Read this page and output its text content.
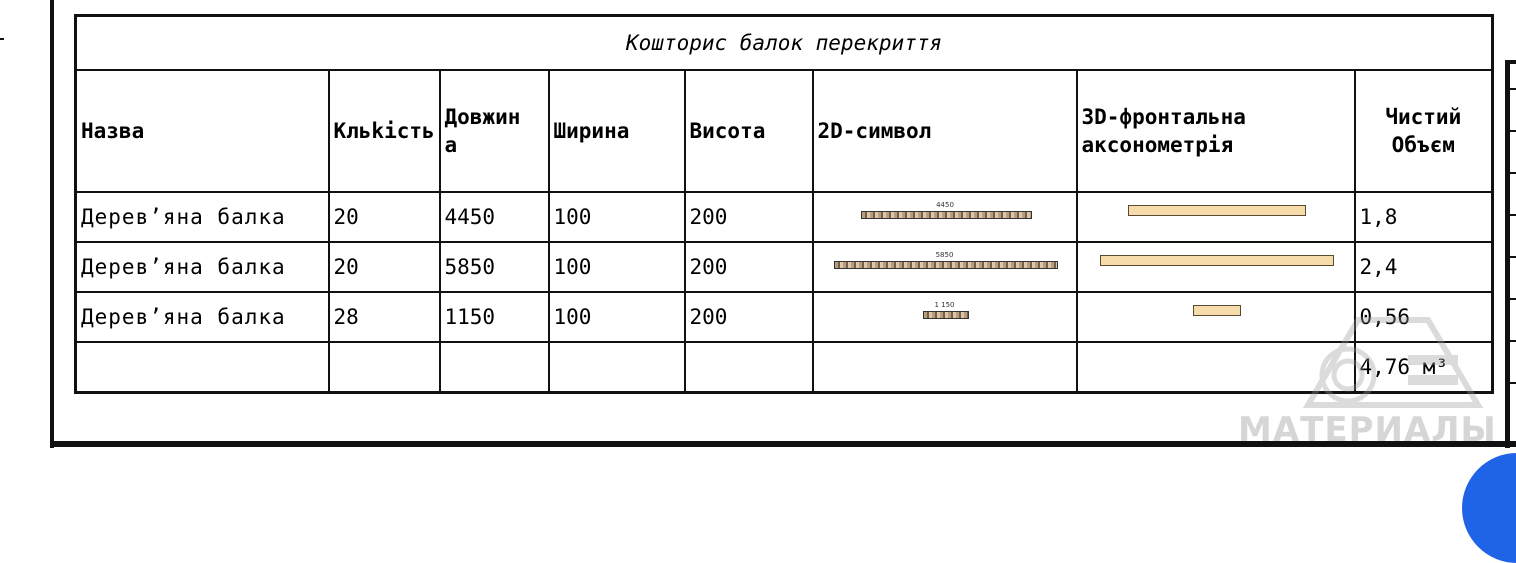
Кошторис балок перекриття							
Назва	Кльkість	Довжин а	Ширина	Висота	2D-символ	3D-фронтальна аксонометрія	Чистий Объєм
Дерев’яна балка	20	4450	100	200	4450		1,8
Дерев’яна балка	20	5850	100	200	5850		2,4
Дерев’яна балка	28	1150	100	200	1 150		0,56
							4,76 м³
МАТЕРИАЛЫ
